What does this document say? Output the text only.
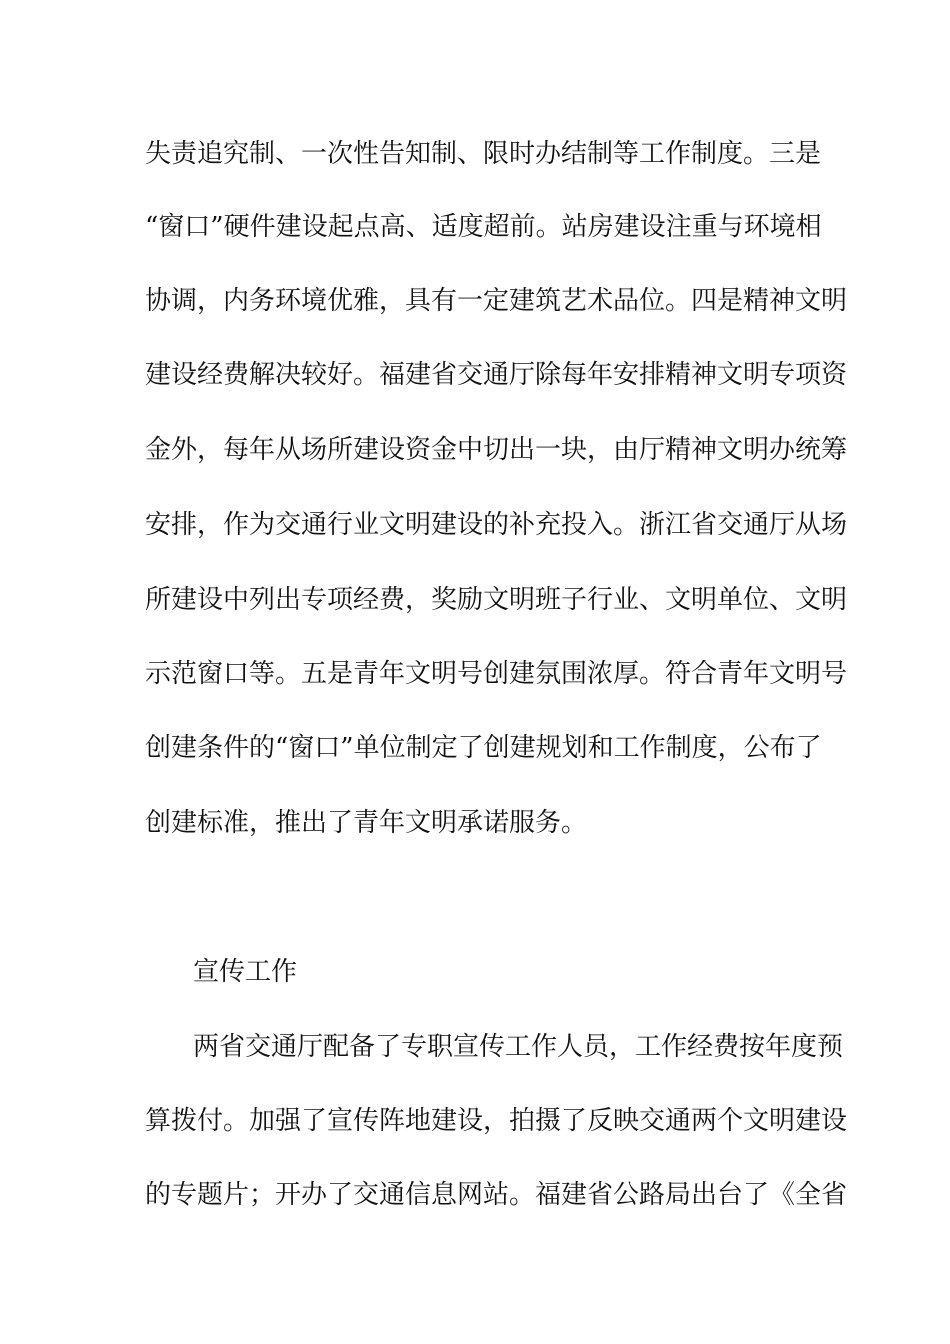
失责追究制、一次性告知制、限时办结制等工作制度。三是
“窗口”硬件建设起点高、适度超前。站房建设注重与环境相
协调，内务环境优雅，具有一定建筑艺术品位。四是精神文明
建设经费解决较好。福建省交通厅除每年安排精神文明专项资
金外，每年从场所建设资金中切出一块，由厅精神文明办统筹
安排，作为交通行业文明建设的补充投入。浙江省交通厅从场
所建设中列出专项经费，奖励文明班子行业、文明单位、文明
示范窗口等。五是青年文明号创建氛围浓厚。符合青年文明号
创建条件的“窗口”单位制定了创建规划和工作制度，公布了
创建标准，推出了青年文明承诺服务。
宣传工作
两省交通厅配备了专职宣传工作人员，工作经费按年度预
算拨付。加强了宣传阵地建设，拍摄了反映交通两个文明建设
的专题片；开办了交通信息网站。福建省公路局出台了《全省
